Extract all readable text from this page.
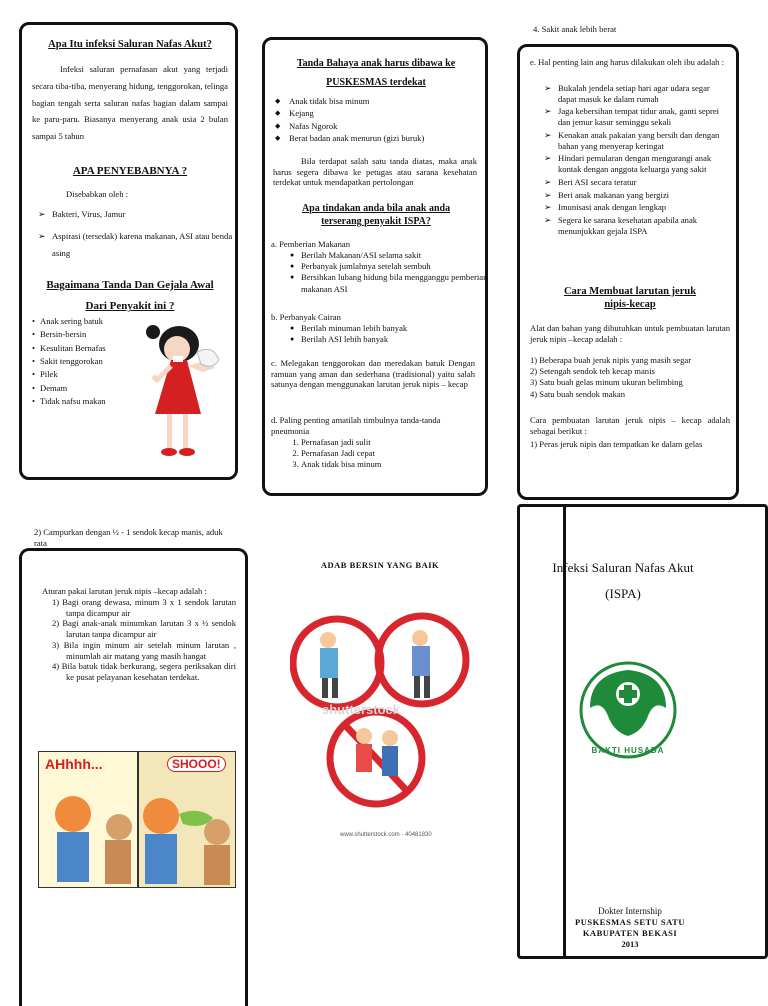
Apa Itu infeksi Saluran Nafas Akut?
Infeksi saluran pernafasan akut yang terjadi secara tiba-tiba, menyerang hidung, tenggorokan, telinga bagian tengah serta saluran nafas bagian dalam sampai ke paru-paru. Biasanya menyerang anak usia 2 bulan sampai 5 tahun
APA PENYEBABNYA ?
Disebabkan oleh :
➢ Bakteri, Virus, Jamur
➢ Aspirasi (tersedak) karena makanan, ASI atau benda asing
Bagaimana Tanda Dan Gejala Awal
Dari Penyakit ini ?
• Anak sering batuk
• Bersin-bersin
• Kesulitan Bernafas
• Sakit tenggorokan
• Pilek
• Demam
• Tidak nafsu makan
Tanda Bahaya anak harus dibawa ke
PUSKESMAS terdekat
◆ Anak tidak bisa minum
◆ Kejang
◆ Nafas Ngorok
◆ Berat badan anak menurun (gizi buruk)
Bila terdapat salah satu tanda diatas, maka anak harus segera dibawa ke petugas atau sarana kesehatan terdekat untuk mendapatkan pertolongan
Apa tindakan anda bila anak anda
terserang penyakit ISPA?
a. Pemberian Makanan
● Berilah Makanan/ASI selama sakit
● Perbanyak jumlahnya setelah sembuh
● Bersihkan lubang hidung bila mengganggu pemberian makanan ASI
b. Perbanyak Cairan
● Berilah minuman lebih banyak
● Berilah ASI lebih banyak
c. Melegakan tenggorokan dan meredakan batuk Dengan ramuan yang aman dan sederhana (tradisional) yaitu salah satunya dengan menggunakan larutan jeruk nipis – kecap
d. Paling penting amatilah timbulnya tanda-tanda pneumonia
1. Pernafasan jadi sulit
2. Pernafasan Jadi cepat
3. Anak tidak bisa minum
4. Sakit anak lebih berat
e. Hal penting lain ang harus dilakukan oleh ibu adalah :
➢ Bukalah jendela setiap hari agar udara segar dapat masuk ke dalam rumah
➢ Jaga kebersihan tempat tidur anak, ganti seprei dan jemur kasur seminggu sekali
➢ Kenakan anak pakaian yang bersih dan dengan bahan yang menyerap keringat
➢ Hindari pemularan dengan mengurangi anak kontak dengan anggota keluarga yang sakit
➢ Beri ASI secara teratur
➢ Beri anak makanan yang bergizi
➢ Imunisasi anak dengan lengkap
➢ Segera ke sarana kesehatan apabila anak menunjukkan gejala ISPA
Cara Membuat larutan jeruk
nipis-kecap
Alat dan bahan yang dibutuhkan untuk pembuatan larutan jeruk nipis –kecap adalah :
1) Beberapa buah jeruk nipis yang masih segar
2) Setengah sendok teh kecap manis
3) Satu buah gelas minum ukuran belimbing
4) Satu buah sendok makan
Cara pembuatan larutan jeruk nipis – kecap adalah sebagai berikut :
1) Peras jeruk nipis dan tempatkan ke dalam gelas
2) Campurkan dengan ½ - 1 sendok kecap manis, aduk rata
Aturan pakai larutan jeruk nipis –kecap adalah :
1) Bagi orang dewasa, minum 3 x 1 sendok larutan tanpa dicampur air
2) Bagi anak-anak minumkan larutan 3 x ½ sendok larutan tanpa dicampur air
3) Bila ingin minum air setelah minum larutan , minumlah air matang yang masih hangat
4) Bila batuk tidak berkurang, segera periksakan diri ke pusat pelayanan kesehatan terdekat.
AHhhh...	SHOOO!
ADAB BERSIN YANG BAIK
shutterstock
www.shutterstock.com · 40481830
Infeksi Saluran Nafas Akut
(ISPA)
BAKTI HUSADA
Dokter Internship
PUSKESMAS SETU SATU
KABUPATEN BEKASI
2013
